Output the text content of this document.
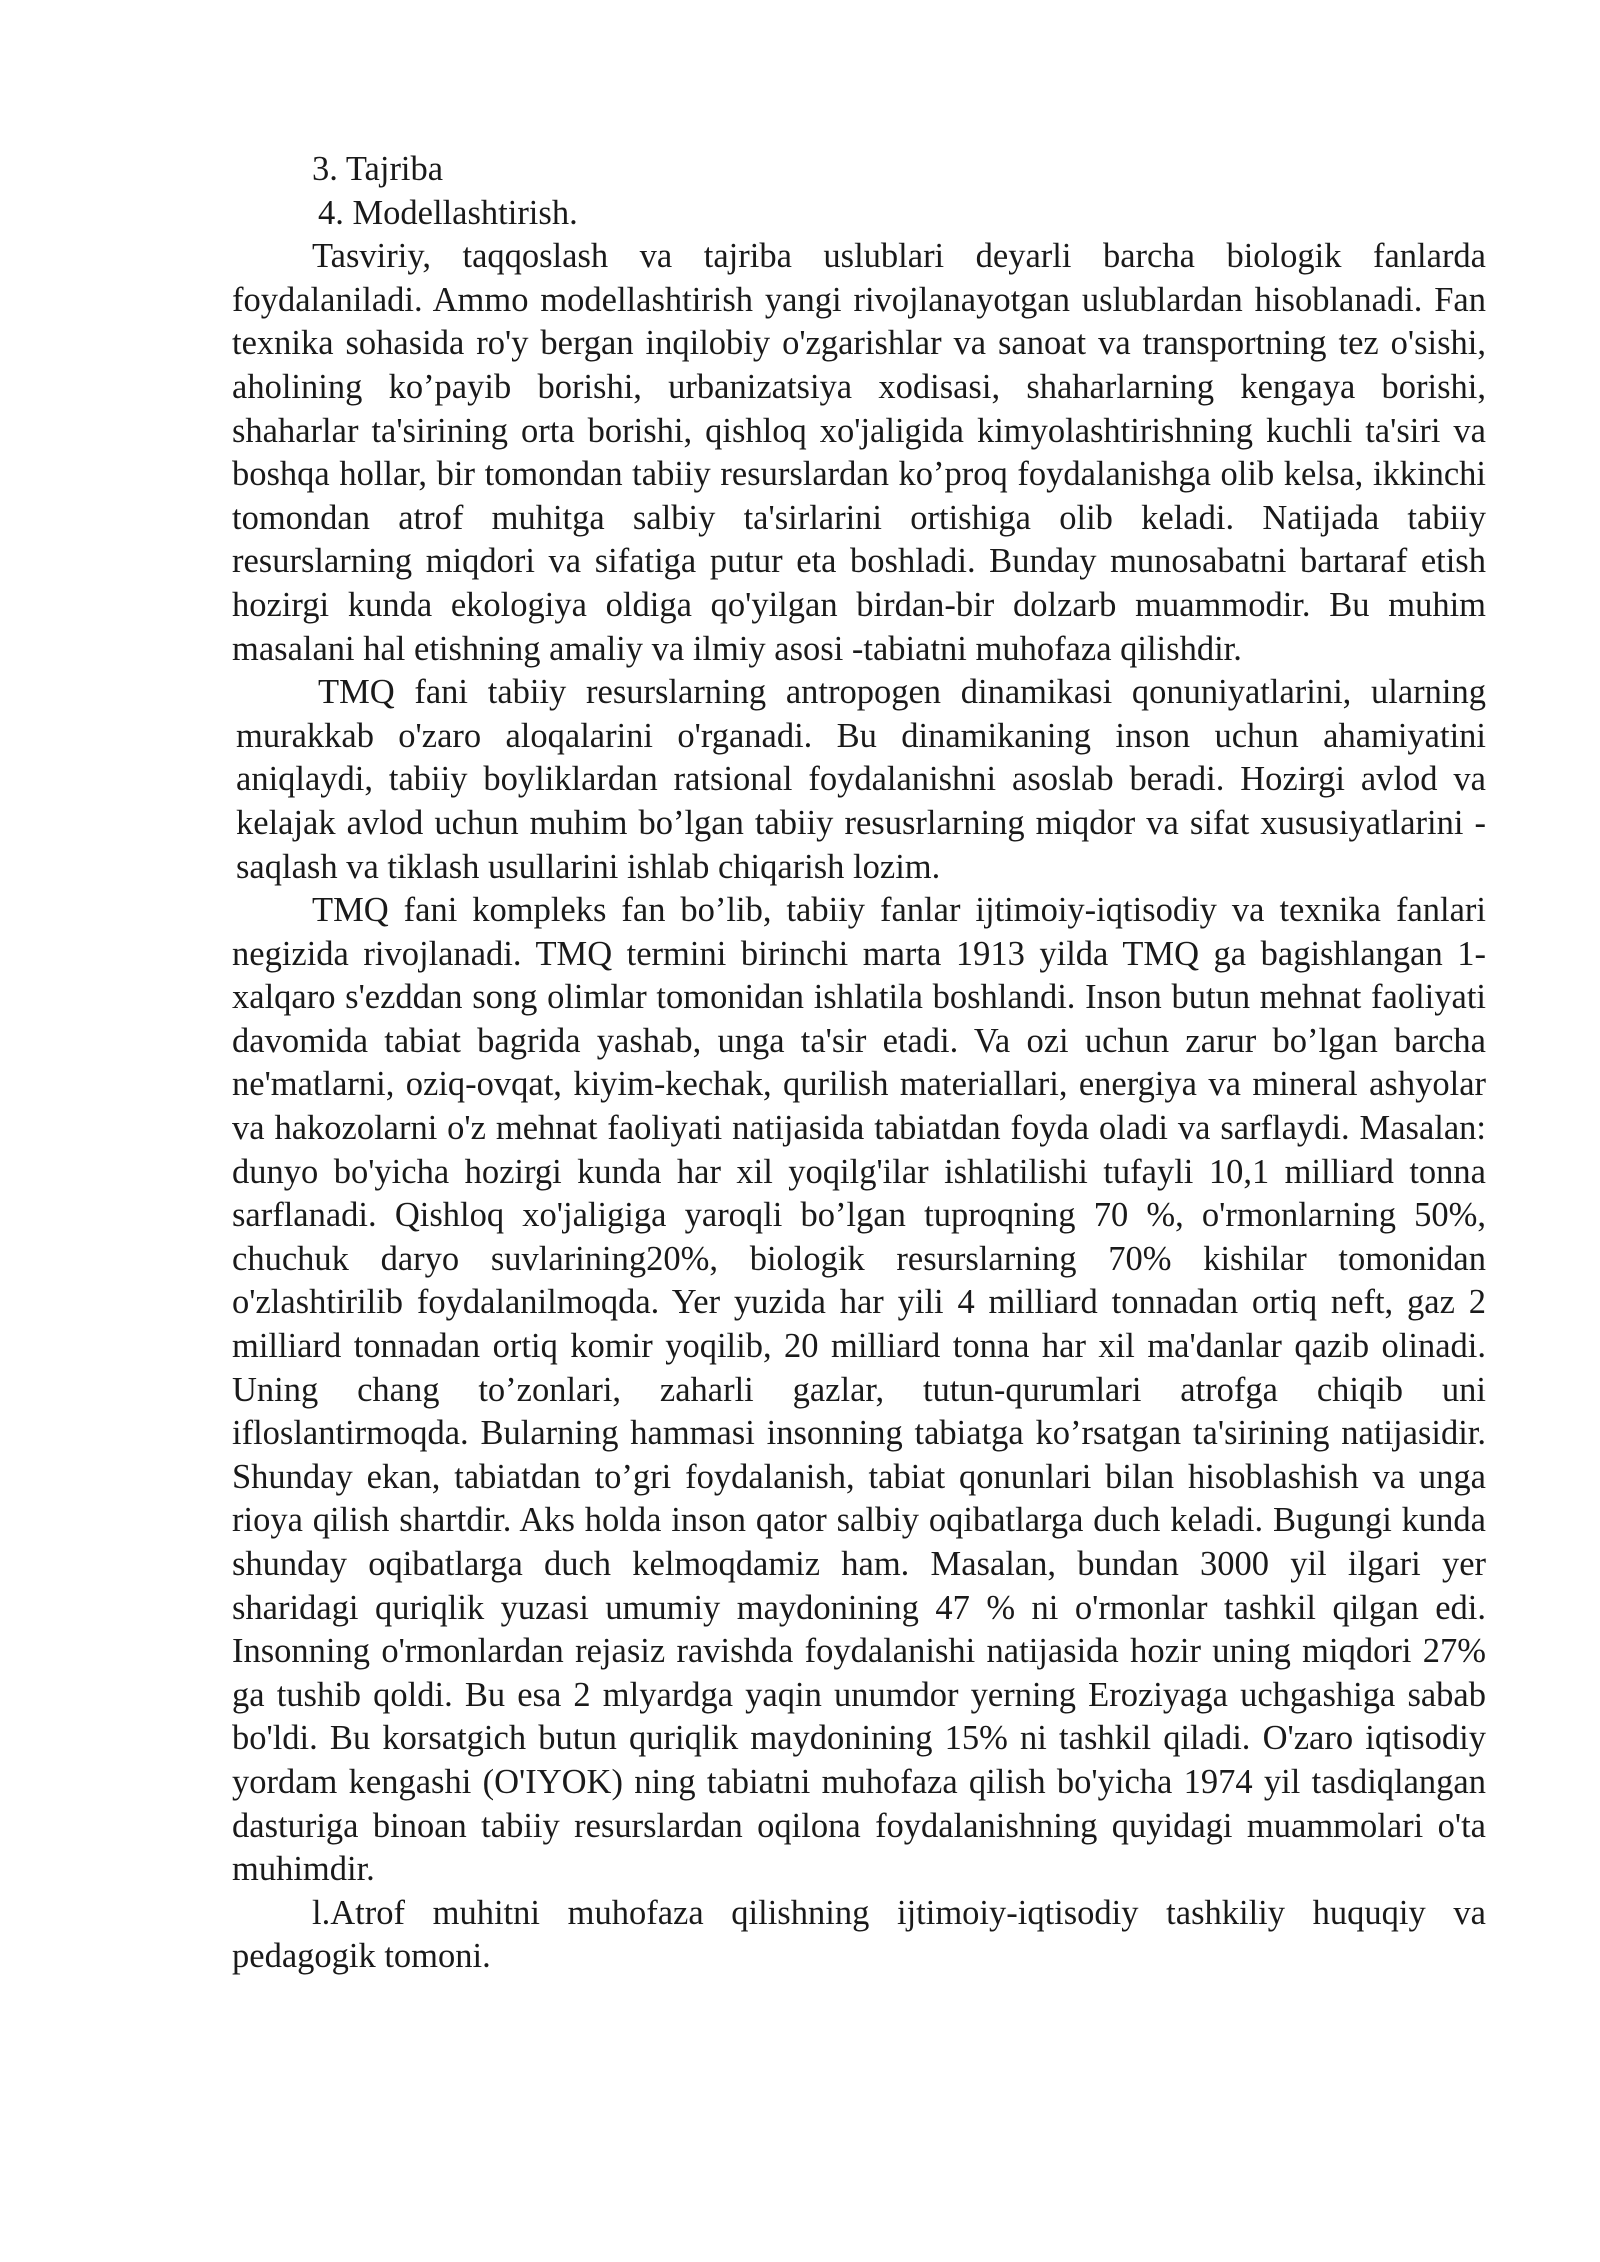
3. Tajriba

4. Modellashtirish.

Tasviriy, taqqoslash va tajriba uslublari deyarli barcha biologik fanlarda foydalaniladi. Ammo modellashtirish yangi rivojlanayotgan uslublardan hisoblanadi. Fan texnika sohasida ro'y bergan inqilobiy o'zgarishlar va sanoat va transportning tez o'sishi, aholining ko’payib borishi, urbanizatsiya xodisasi, shaharlarning kengaya borishi, shaharlar ta'sirining orta borishi, qishloq xo'jaligida kimyolashtirishning kuchli ta'siri va boshqa hollar, bir tomondan tabiiy resurslardan ko’proq foydalanishga olib kelsa, ikkinchi tomondan atrof muhitga salbiy ta'sirlarini ortishiga olib keladi. Natijada tabiiy resurslarning miqdori va sifatiga putur eta boshladi. Bunday munosabatni bartaraf etish hozirgi kunda ekologiya oldiga qo'yilgan birdan-bir dolzarb muammodir. Bu muhim masalani hal etishning amaliy va ilmiy asosi -tabiatni muhofaza qilishdir.

TMQ fani tabiiy resurslarning antropogen dinamikasi qonuniyatlarini, ularning murakkab o'zaro aloqalarini o'rganadi. Bu dinamikaning inson uchun ahamiyatini aniqlaydi, tabiiy boyliklardan ratsional foydalanishni asoslab beradi. Hozirgi avlod va kelajak avlod uchun muhim bo’lgan tabiiy resusrlarning miqdor va sifat xususiyatlarini - saqlash va tiklash usullarini ishlab chiqarish lozim.

TMQ fani kompleks fan bo’lib, tabiiy fanlar ijtimoiy-iqtisodiy va texnika fanlari negizida rivojlanadi. TMQ termini birinchi marta 1913 yilda TMQ ga bagishlangan 1-xalqaro s'ezddan song olimlar tomonidan ishlatila boshlandi. Inson butun mehnat faoliyati davomida tabiat bagrida yashab, unga ta'sir etadi. Va ozi uchun zarur bo’lgan barcha ne'matlarni, oziq-ovqat, kiyim-kechak, qurilish materiallari, energiya va mineral ashyolar va hakozolarni o'z mehnat faoliyati natijasida tabiatdan foyda oladi va sarflaydi. Masalan: dunyo bo'yicha hozirgi kunda har xil yoqilg'ilar ishlatilishi tufayli 10,1 milliard tonna sarflanadi. Qishloq xo'jaligiga yaroqli bo’lgan tuproqning 70 %, o'rmonlarning 50%, chuchuk daryo suvlarining20%, biologik resurslarning 70% kishilar tomonidan o'zlashtirilib foydalanilmoqda. Yer yuzida har yili 4 milliard tonnadan ortiq neft, gaz 2 milliard tonnadan ortiq komir yoqilib, 20 milliard tonna har xil ma'danlar qazib olinadi. Uning chang to’zonlari, zaharli gazlar, tutun-qurumlari atrofga chiqib uni ifloslantirmoqda. Bularning hammasi insonning tabiatga ko’rsatgan ta'sirining natijasidir. Shunday ekan, tabiatdan to’gri foydalanish, tabiat qonunlari bilan hisoblashish va unga rioya qilish shartdir. Aks holda inson qator salbiy oqibatlarga duch keladi. Bugungi kunda shunday oqibatlarga duch kelmoqdamiz ham. Masalan, bundan 3000 yil ilgari yer sharidagi quriqlik yuzasi umumiy maydonining 47 % ni o'rmonlar tashkil qilgan edi. Insonning o'rmonlardan rejasiz ravishda foydalanishi natijasida hozir uning miqdori 27% ga tushib qoldi. Bu esa 2 mlyardga yaqin unumdor yerning Eroziyaga uchgashiga sabab bo'ldi. Bu korsatgich butun quriqlik maydonining 15% ni tashkil qiladi. O'zaro iqtisodiy yordam kengashi (O'IYOK) ning tabiatni muhofaza qilish bo'yicha 1974 yil tasdiqlangan dasturiga binoan tabiiy resurslardan oqilona foydalanishning quyidagi muammolari o'ta muhimdir.

l.Atrof muhitni muhofaza qilishning ijtimoiy-iqtisodiy tashkiliy huquqiy va pedagogik tomoni.
